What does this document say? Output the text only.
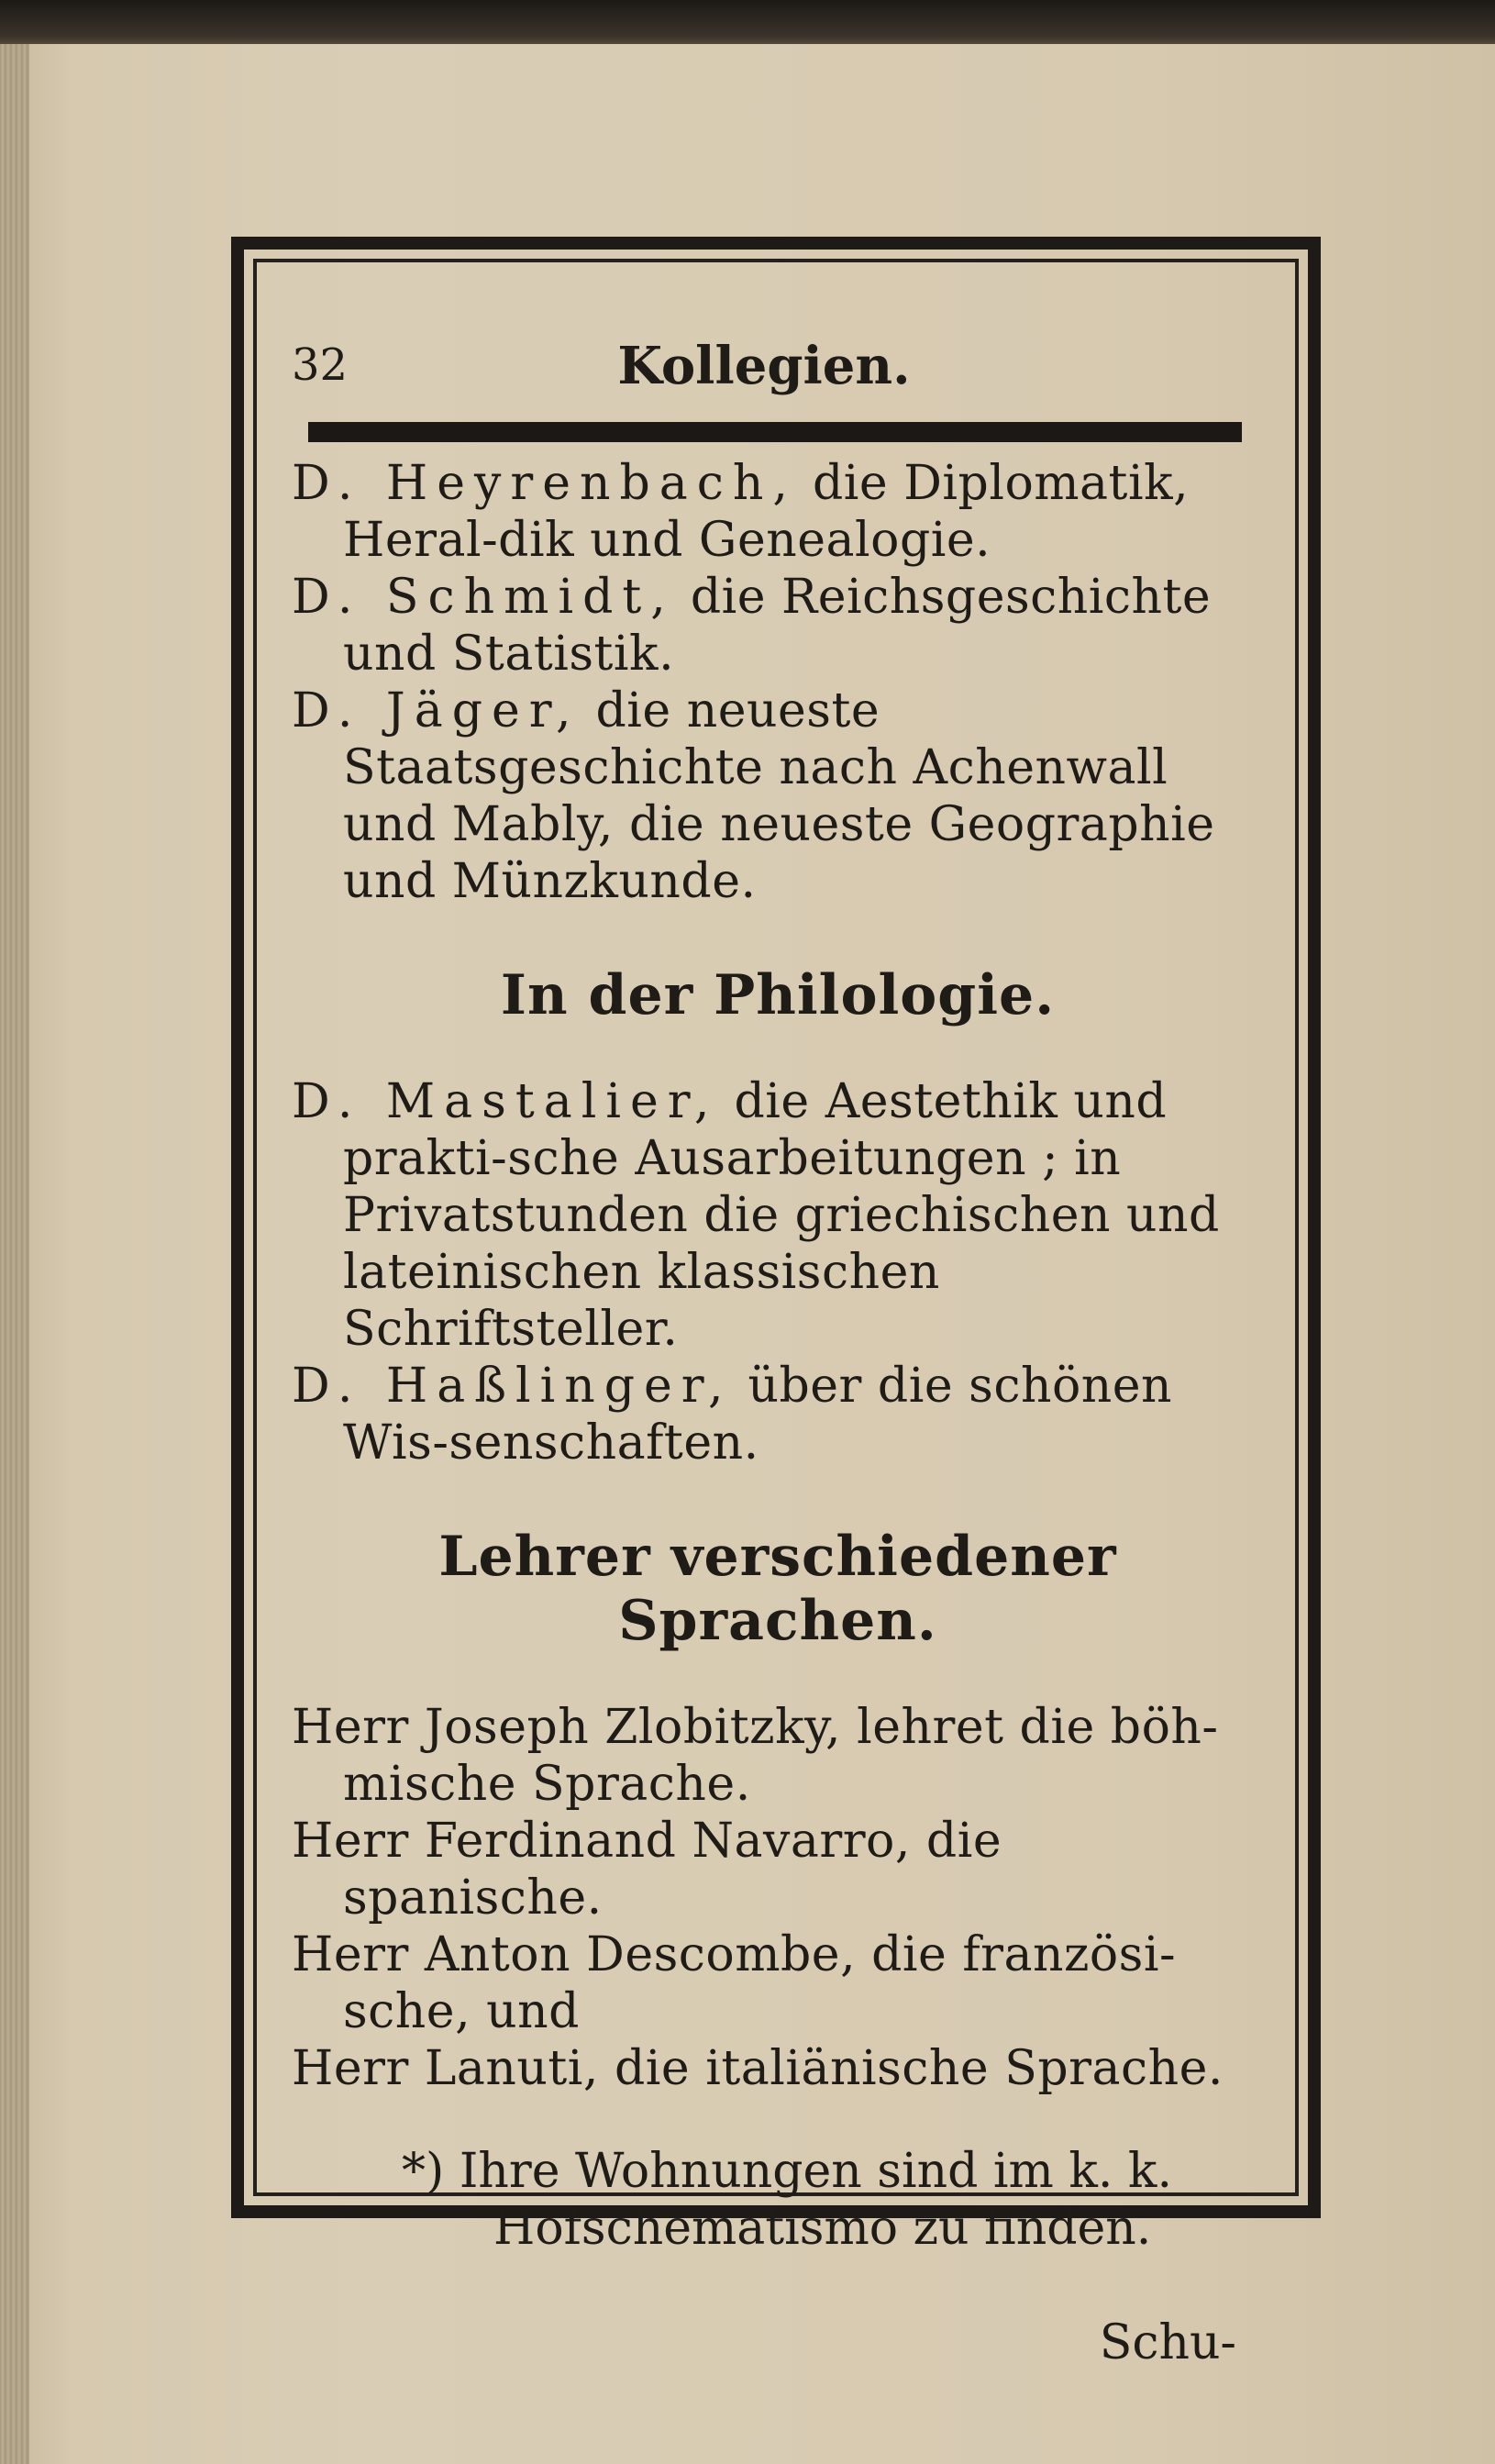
32	Kollegien.

D. Heyrenbach, die Diplomatik, Heral-dik und Genealogie.

D. Schmidt, die Reichsgeschichte und Statistik.

D. Jäger, die neueste Staatsgeschichte nach Achenwall und Mably, die neueste Geographie und Münzkunde.

In der Philologie.

D. Mastalier, die Aestethik und prakti-sche Ausarbeitungen ; in Privatstunden die griechischen und lateinischen klassischen Schriftsteller.

D. Haßlinger, über die schönen Wis-senschaften.

Lehrer verschiedener Sprachen.

Herr Joseph Zlobitzky, lehret die böh-mische Sprache.

Herr Ferdinand Navarro, die spanische.

Herr Anton Descombe, die französi-sche, und

Herr Lanuti, die italiänische Sprache.

*) Ihre Wohnungen sind im k. k. Hofschematismo zu finden.

Schu-
